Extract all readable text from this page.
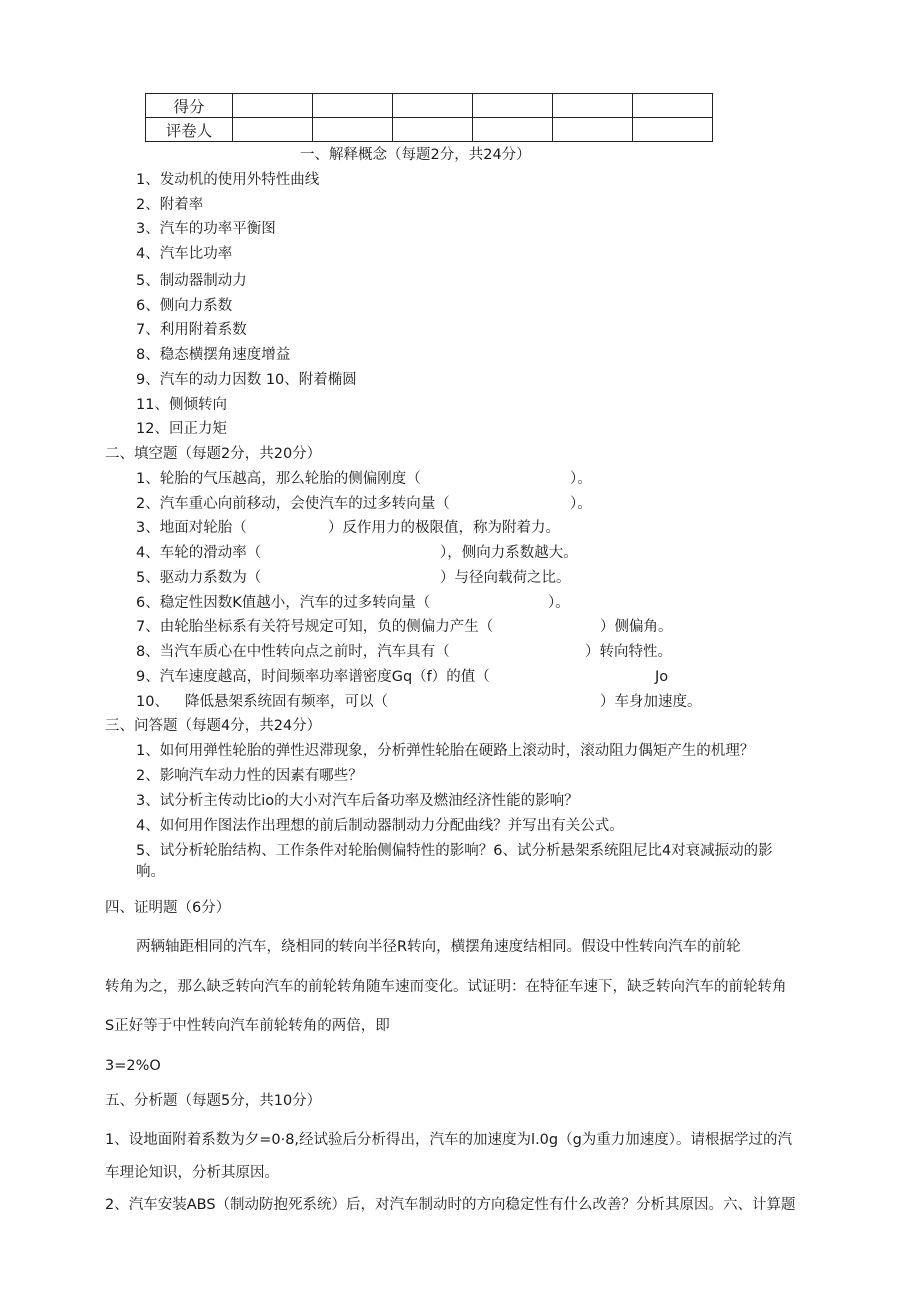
得分						
评卷人						
一、解释概念（每题2分，共24分）
1、发动机的使用外特性曲线
2、附着率
3、汽车的功率平衡图
4、汽车比功率
5、制动器制动力
6、侧向力系数
7、利用附着系数
8、稳态横摆角速度增益
9、汽车的动力因数 10、附着椭圆
11、侧倾转向
12、回正力矩
二、填空题（每题2分，共20分）
1、轮胎的气压越高，那么轮胎的侧偏刚度（	）。
2、汽车重心向前移动，会使汽车的过多转向量（	）。
3、地面对轮胎（	）反作用力的极限值，称为附着力。
4、车轮的滑动率（	），侧向力系数越大。
5、驱动力系数为（	）与径向载荷之比。
6、稳定性因数K值越小，汽车的过多转向量（	）。
7、由轮胎坐标系有关符号规定可知，负的侧偏力产生（	）侧偏角。
8、当汽车质心在中性转向点之前时，汽车具有（	）转向特性。
9、汽车速度越高，时间频率功率谱密度Gq（f）的值（	Jo
10、 降低悬架系统固有频率，可以（	）车身加速度。
三、问答题（每题4分，共24分）
1、如何用弹性轮胎的弹性迟滞现象，分析弹性轮胎在硬路上滚动时，滚动阻力偶矩产生的机理？
2、影响汽车动力性的因素有哪些？
3、试分析主传动比io的大小对汽车后备功率及燃油经济性能的影响？
4、如何用作图法作出理想的前后制动器制动力分配曲线？并写出有关公式。
5、试分析轮胎结构、工作条件对轮胎侧偏特性的影响？6、试分析悬架系统阻尼比4对衰减振动的影
响。
四、证明题（6分）
两辆轴距相同的汽车，绕相同的转向半径R转向，横摆角速度结相同。假设中性转向汽车的前轮
转角为之，那么缺乏转向汽车的前轮转角随车速而变化。试证明：在特征车速下，缺乏转向汽车的前轮转角
S正好等于中性转向汽车前轮转角的两倍，即
3=2%O
五、分析题（每题5分，共10分）
1、设地面附着系数为夕=0·8,经试验后分析得出，汽车的加速度为l.0g（g为重力加速度）。请根据学过的汽
车理论知识，分析其原因。
2、汽车安装ABS（制动防抱死系统）后，对汽车制动时的方向稳定性有什么改善？分析其原因。六、计算题
